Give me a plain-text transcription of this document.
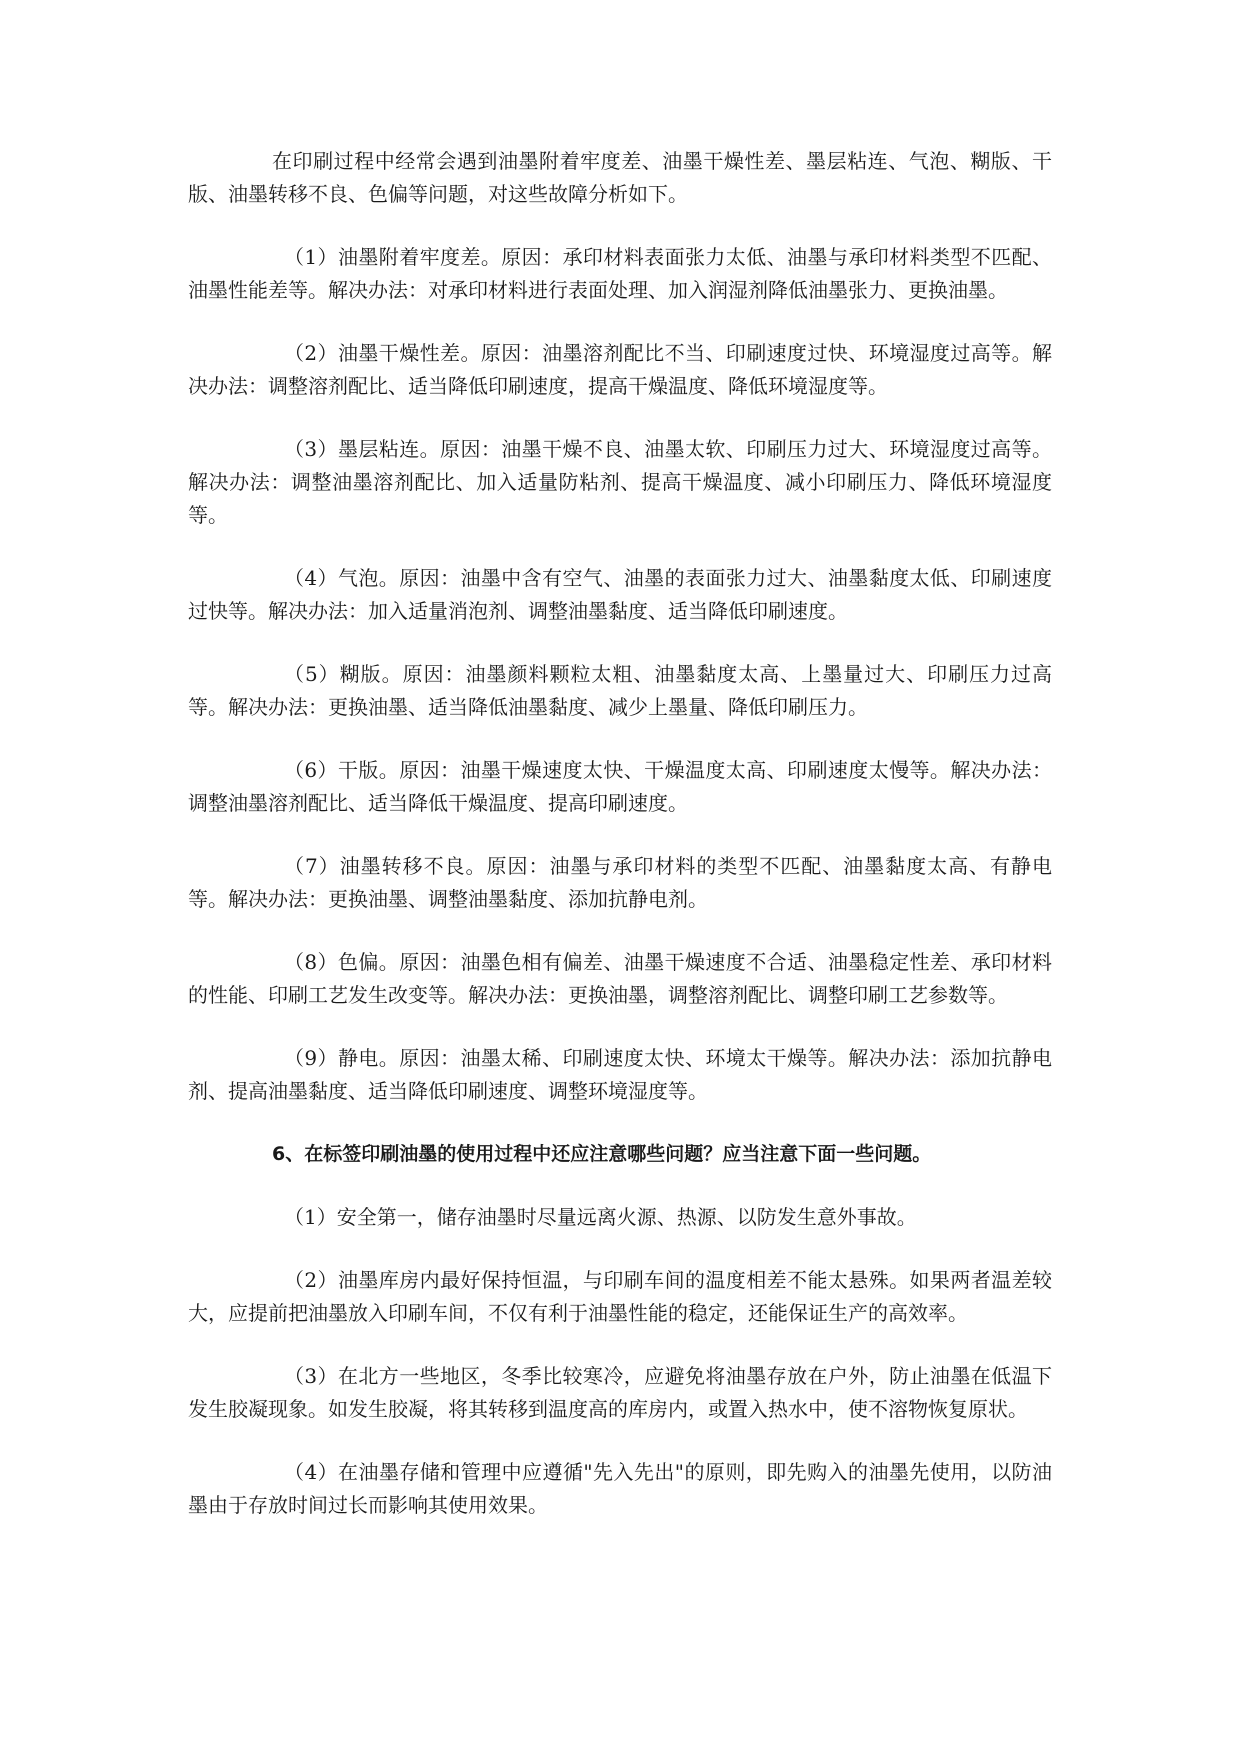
在印刷过程中经常会遇到油墨附着牢度差、油墨干燥性差、墨层粘连、气泡、糊版、干版、油墨转移不良、色偏等问题，对这些故障分析如下。

（1）油墨附着牢度差。原因：承印材料表面张力太低、油墨与承印材料类型不匹配、油墨性能差等。解决办法：对承印材料进行表面处理、加入润湿剂降低油墨张力、更换油墨。

（2）油墨干燥性差。原因：油墨溶剂配比不当、印刷速度过快、环境湿度过高等。解决办法：调整溶剂配比、适当降低印刷速度，提高干燥温度、降低环境湿度等。

（3）墨层粘连。原因：油墨干燥不良、油墨太软、印刷压力过大、环境湿度过高等。解决办法：调整油墨溶剂配比、加入适量防粘剂、提高干燥温度、减小印刷压力、降低环境湿度等。

（4）气泡。原因：油墨中含有空气、油墨的表面张力过大、油墨黏度太低、印刷速度过快等。解决办法：加入适量消泡剂、调整油墨黏度、适当降低印刷速度。

（5）糊版。原因：油墨颜料颗粒太粗、油墨黏度太高、上墨量过大、印刷压力过高等。解决办法：更换油墨、适当降低油墨黏度、减少上墨量、降低印刷压力。

（6）干版。原因：油墨干燥速度太快、干燥温度太高、印刷速度太慢等。解决办法：调整油墨溶剂配比、适当降低干燥温度、提高印刷速度。

（7）油墨转移不良。原因：油墨与承印材料的类型不匹配、油墨黏度太高、有静电等。解决办法：更换油墨、调整油墨黏度、添加抗静电剂。

（8）色偏。原因：油墨色相有偏差、油墨干燥速度不合适、油墨稳定性差、承印材料的性能、印刷工艺发生改变等。解决办法：更换油墨，调整溶剂配比、调整印刷工艺参数等。

（9）静电。原因：油墨太稀、印刷速度太快、环境太干燥等。解决办法：添加抗静电剂、提高油墨黏度、适当降低印刷速度、调整环境湿度等。

6、在标签印刷油墨的使用过程中还应注意哪些问题？应当注意下面一些问题。

（1）安全第一，储存油墨时尽量远离火源、热源、以防发生意外事故。

（2）油墨库房内最好保持恒温，与印刷车间的温度相差不能太悬殊。如果两者温差较大，应提前把油墨放入印刷车间，不仅有利于油墨性能的稳定，还能保证生产的高效率。

（3）在北方一些地区，冬季比较寒冷，应避免将油墨存放在户外，防止油墨在低温下发生胶凝现象。如发生胶凝，将其转移到温度高的库房内，或置入热水中，使不溶物恢复原状。

（4）在油墨存储和管理中应遵循"先入先出"的原则，即先购入的油墨先使用，以防油墨由于存放时间过长而影响其使用效果。
